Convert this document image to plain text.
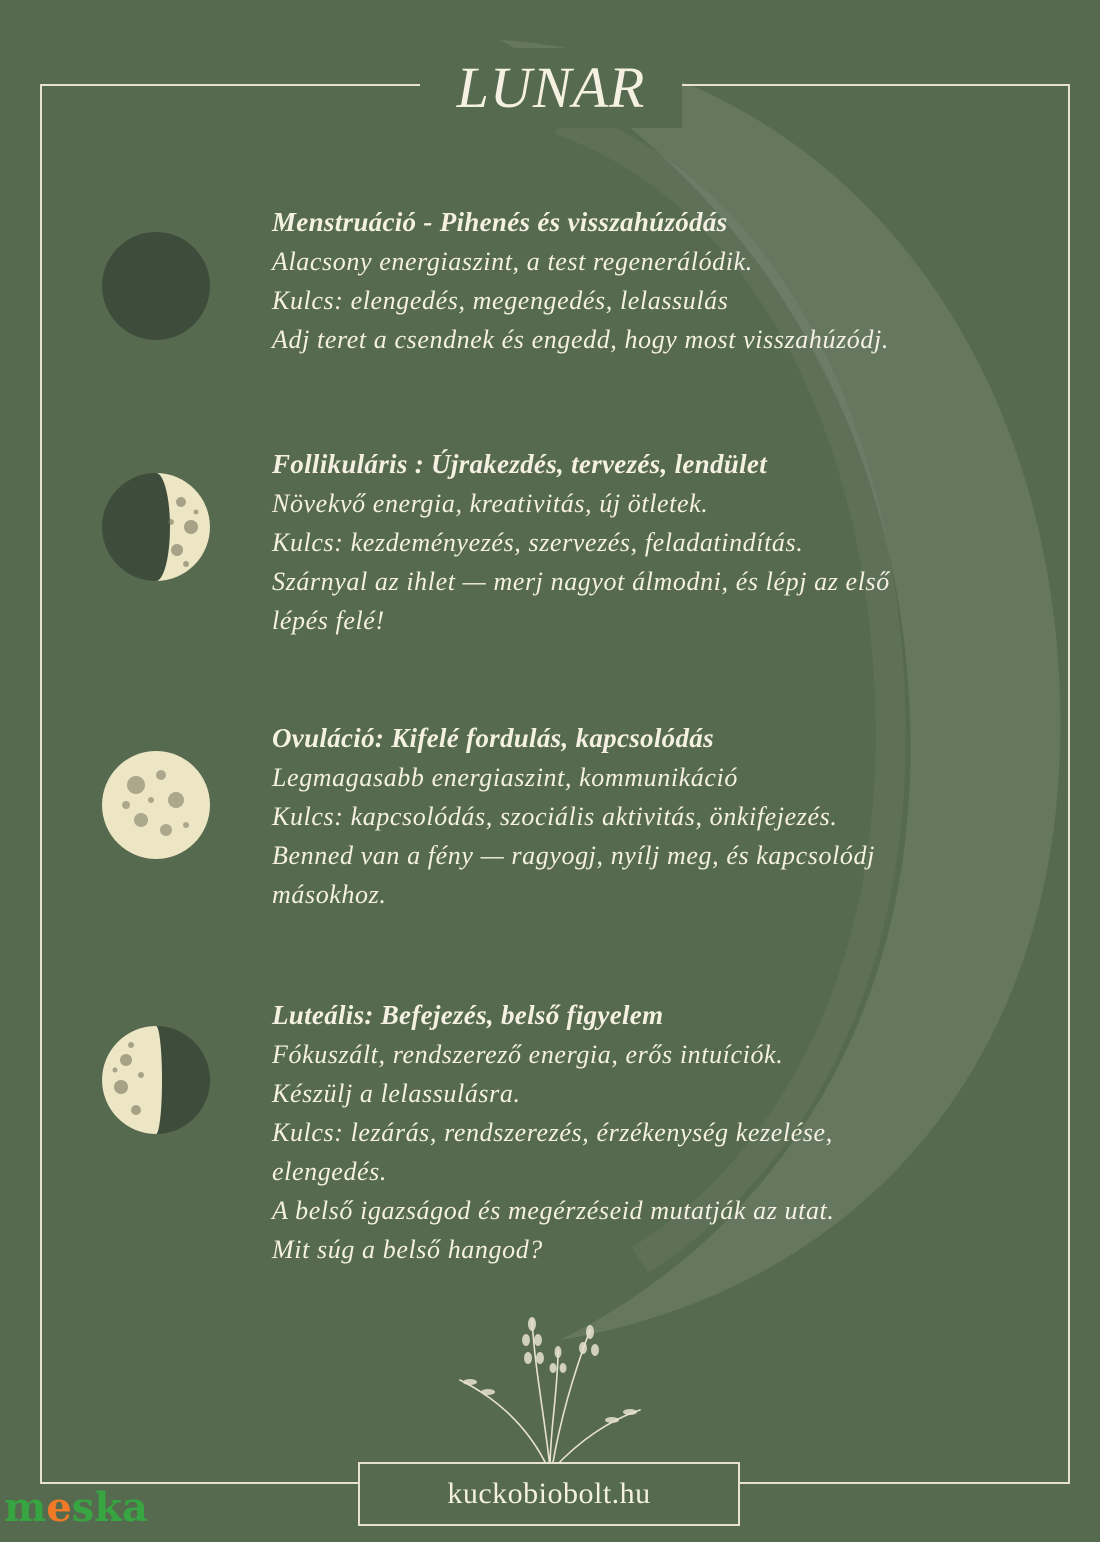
LUNAR
Menstruáció - Pihenés és visszahúzódás
Alacsony energiaszint, a test regenerálódik.
Kulcs: elengedés, megengedés, lelassulás
Adj teret a csendnek és engedd, hogy most visszahúzódj.
Follikuláris : Újrakezdés, tervezés, lendület
Növekvő energia, kreativitás, új ötletek.
Kulcs: kezdeményezés, szervezés, feladatindítás.
Szárnyal az ihlet — merj nagyot álmodni, és lépj az első
lépés felé!
Ovuláció: Kifelé fordulás, kapcsolódás
Legmagasabb energiaszint, kommunikáció
Kulcs: kapcsolódás, szociális aktivitás, önkifejezés.
Benned van a fény — ragyogj, nyílj meg, és kapcsolódj
másokhoz.
Luteális: Befejezés, belső figyelem
Fókuszált, rendszerező energia, erős intuíciók.
Készülj a lelassulásra.
Kulcs: lezárás, rendszerezés, érzékenység kezelése,
elengedés.
A belső igazságod és megérzéseid mutatják az utat.
Mit súg a belső hangod?
kuckobiobolt.hu
meska
